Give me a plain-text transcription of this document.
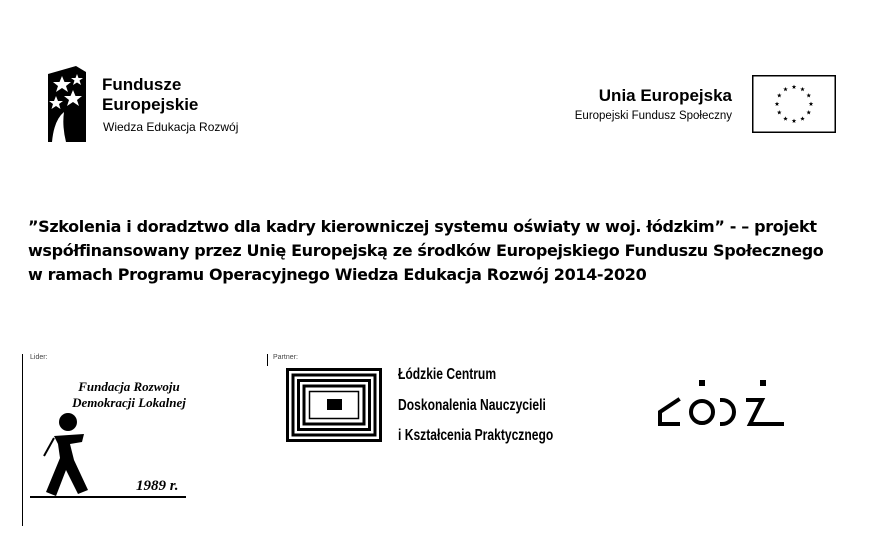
Fundusze
Europejskie
Wiedza Edukacja Rozwój
Unia Europejska
Europejski Fundusz Społeczny
”Szkolenia i doradztwo dla kadry kierowniczej systemu oświaty w woj. łódzkim” - – projekt
współfinansowany przez Unię Europejską ze środków Europejskiego Funduszu Społecznego
w ramach Programu Operacyjnego Wiedza Edukacja Rozwój 2014-2020
Lider:
Fundacja Rozwoju
Demokracji Lokalnej
1989 r.
Partner:
Łódzkie Centrum
Doskonalenia Nauczycieli
i Kształcenia Praktycznego
